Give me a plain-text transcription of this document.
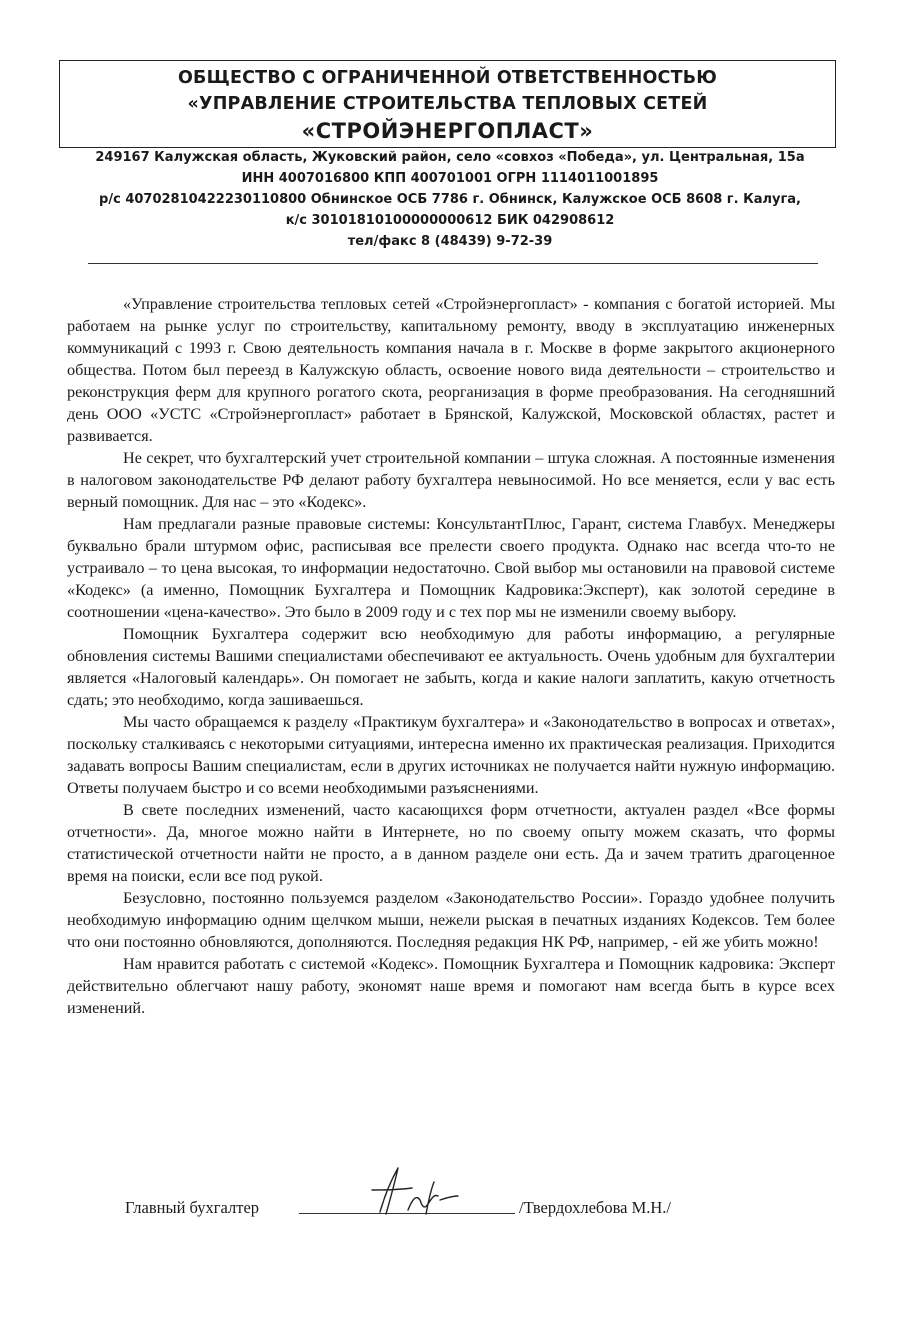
ОБЩЕСТВО С ОГРАНИЧЕННОЙ ОТВЕТСТВЕННОСТЬЮ
«УПРАВЛЕНИЕ СТРОИТЕЛЬСТВА ТЕПЛОВЫХ СЕТЕЙ
«СТРОЙЭНЕРГОПЛАСТ»
249167 Калужская область, Жуковский район, село «совхоз «Победа», ул. Центральная, 15а
ИНН 4007016800 КПП 400701001 ОГРН 1114011001895
р/с 40702810422230110800 Обнинское ОСБ 7786 г. Обнинск, Калужское ОСБ 8608 г. Калуга,
к/с 30101810100000000612 БИК 042908612
тел/факс 8 (48439) 9-72-39

«Управление строительства тепловых сетей «Стройэнергопласт» - компания с богатой историей. Мы работаем на рынке услуг по строительству, капитальному ремонту, вводу в эксплуатацию инженерных коммуникаций с 1993 г. Свою деятельность компания начала в г. Москве в форме закрытого акционерного общества. Потом был переезд в Калужскую область, освоение нового вида деятельности – строительство и реконструкция ферм для крупного рогатого скота, реорганизация в форме преобразования. На сегодняшний день ООО «УСТС «Стройэнергопласт» работает в Брянской, Калужской, Московской областях, растет и развивается.

Не секрет, что бухгалтерский учет строительной компании – штука сложная. А постоянные изменения в налоговом законодательстве РФ делают работу бухгалтера невыносимой. Но все меняется, если у вас есть верный помощник. Для нас – это «Кодекс».

Нам предлагали разные правовые системы: КонсультантПлюс, Гарант, система Главбух. Менеджеры буквально брали штурмом офис, расписывая все прелести своего продукта. Однако нас всегда что-то не устраивало – то цена высокая, то информации недостаточно. Свой выбор мы остановили на правовой системе «Кодекс» (а именно, Помощник Бухгалтера и Помощник Кадровика:Эксперт), как золотой середине в соотношении «цена-качество». Это было в 2009 году и с тех пор мы не изменили своему выбору.

Помощник Бухгалтера содержит всю необходимую для работы информацию, а регулярные обновления системы Вашими специалистами обеспечивают ее актуальность. Очень удобным для бухгалтерии является «Налоговый календарь». Он помогает не забыть, когда и какие налоги заплатить, какую отчетность сдать; это необходимо, когда зашиваешься.

Мы часто обращаемся к разделу «Практикум бухгалтера» и «Законодательство в вопросах и ответах», поскольку сталкиваясь с некоторыми ситуациями, интересна именно их практическая реализация. Приходится задавать вопросы Вашим специалистам, если в других источниках не получается найти нужную информацию. Ответы получаем быстро и со всеми необходимыми разъяснениями.

В свете последних изменений, часто касающихся форм отчетности, актуален раздел «Все формы отчетности». Да, многое можно найти в Интернете, но по своему опыту можем сказать, что формы статистической отчетности найти не просто, а в данном разделе они есть. Да и зачем тратить драгоценное время на поиски, если все под рукой.

Безусловно, постоянно пользуемся разделом «Законодательство России». Гораздо удобнее получить необходимую информацию одним щелчком мыши, нежели рыская в печатных изданиях Кодексов. Тем более что они постоянно обновляются, дополняются. Последняя редакция НК РФ, например, - ей же убить можно!

Нам нравится работать с системой «Кодекс». Помощник Бухгалтера и Помощник кадровика: Эксперт действительно облегчают нашу работу, экономят наше время и помогают нам всегда быть в курсе всех изменений.

Главный бухгалтер	/Твердохлебова М.Н./
